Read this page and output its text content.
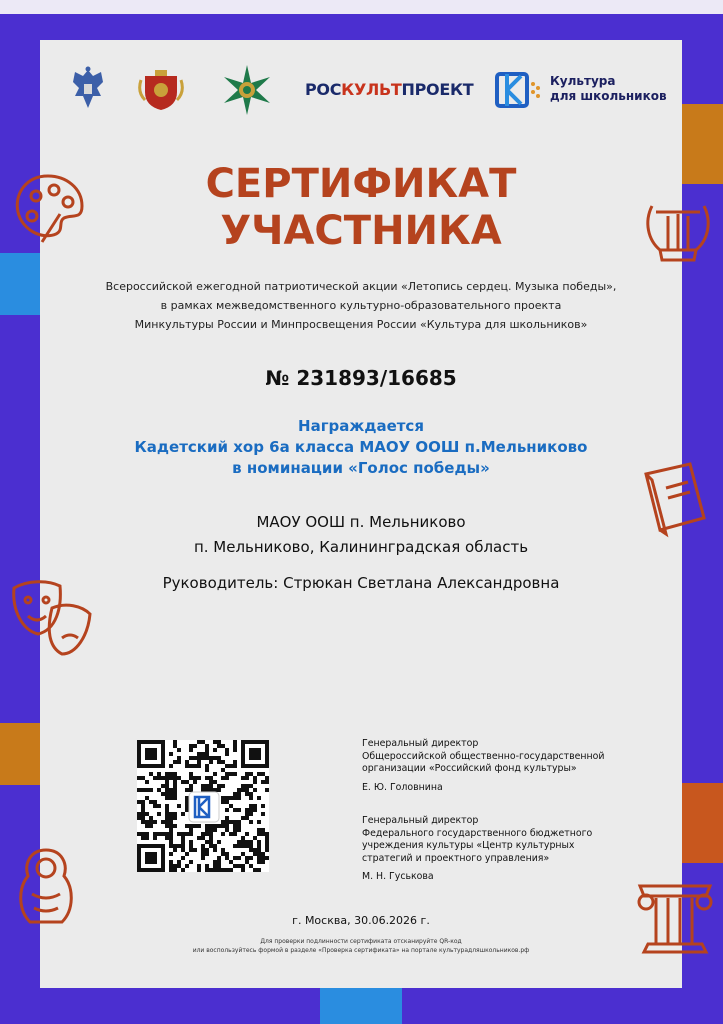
РОСКУЛЬТПРОЕКТ	Культура
для школьников
СЕРТИФИКАТ
УЧАСТНИКА
Всероссийской ежегодной патриотической акции «Летопись сердец. Музыка победы»,
в рамках межведомственного культурно-образовательного проекта
Минкультуры России и Минпросвещения России «Культура для школьников»
№ 231893/16685
Награждается
Кадетский хор 6а класса МАОУ ООШ п.Мельниково
в номинации «Голос победы»
МАОУ ООШ п. Мельниково
п. Мельниково, Калининградская область
Руководитель: Стрюкан Светлана Александровна
Генеральный директор
Общероссийской общественно-государственной
организации «Российский фонд культуры»
Е. Ю. Головнина
Генеральный директор
Федерального государственного бюджетного
учреждения культуры «Центр культурных
стратегий и проектного управления»
М. Н. Гуськова
г. Москва, 30.06.2026 г.
Для проверки подлинности сертификата отсканируйте QR-код
или воспользуйтесь формой в разделе «Проверка сертификата» на портале культурадляшкольников.рф
